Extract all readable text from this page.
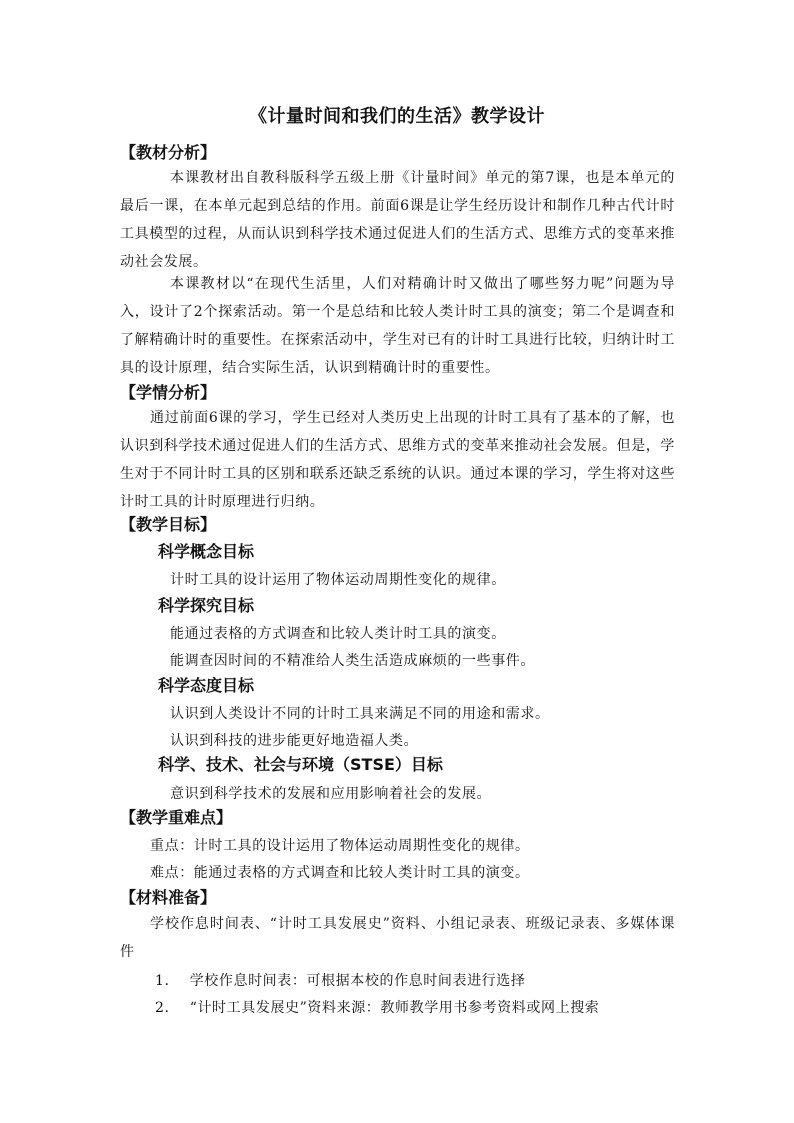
《计量时间和我们的生活》教学设计
【教材分析】
本课教材出自教科版科学五级上册《计量时间》单元的第7课，也是本单元的最后一课，在本单元起到总结的作用。前面6课是让学生经历设计和制作几种古代计时工具模型的过程，从而认识到科学技术通过促进人们的生活方式、思维方式的变革来推动社会发展。
本课教材以“在现代生活里，人们对精确计时又做出了哪些努力呢”问题为导入，设计了2个探索活动。第一个是总结和比较人类计时工具的演变；第二个是调查和了解精确计时的重要性。在探索活动中，学生对已有的计时工具进行比较，归纳计时工具的设计原理，结合实际生活，认识到精确计时的重要性。
【学情分析】
通过前面6课的学习，学生已经对人类历史上出现的计时工具有了基本的了解，也认识到科学技术通过促进人们的生活方式、思维方式的变革来推动社会发展。但是，学生对于不同计时工具的区别和联系还缺乏系统的认识。通过本课的学习，学生将对这些计时工具的计时原理进行归纳。
【教学目标】
科学概念目标
计时工具的设计运用了物体运动周期性变化的规律。
科学探究目标
能通过表格的方式调查和比较人类计时工具的演变。
能调查因时间的不精准给人类生活造成麻烦的一些事件。
科学态度目标
认识到人类设计不同的计时工具来满足不同的用途和需求。
认识到科技的进步能更好地造福人类。
科学、技术、社会与环境（STSE）目标
意识到科学技术的发展和应用影响着社会的发展。
【教学重难点】
重点：计时工具的设计运用了物体运动周期性变化的规律。
难点：能通过表格的方式调查和比较人类计时工具的演变。
【材料准备】
学校作息时间表、“计时工具发展史”资料、小组记录表、班级记录表、多媒体课件
1. 学校作息时间表：可根据本校的作息时间表进行选择
2. “计时工具发展史”资料来源：教师教学用书参考资料或网上搜索
